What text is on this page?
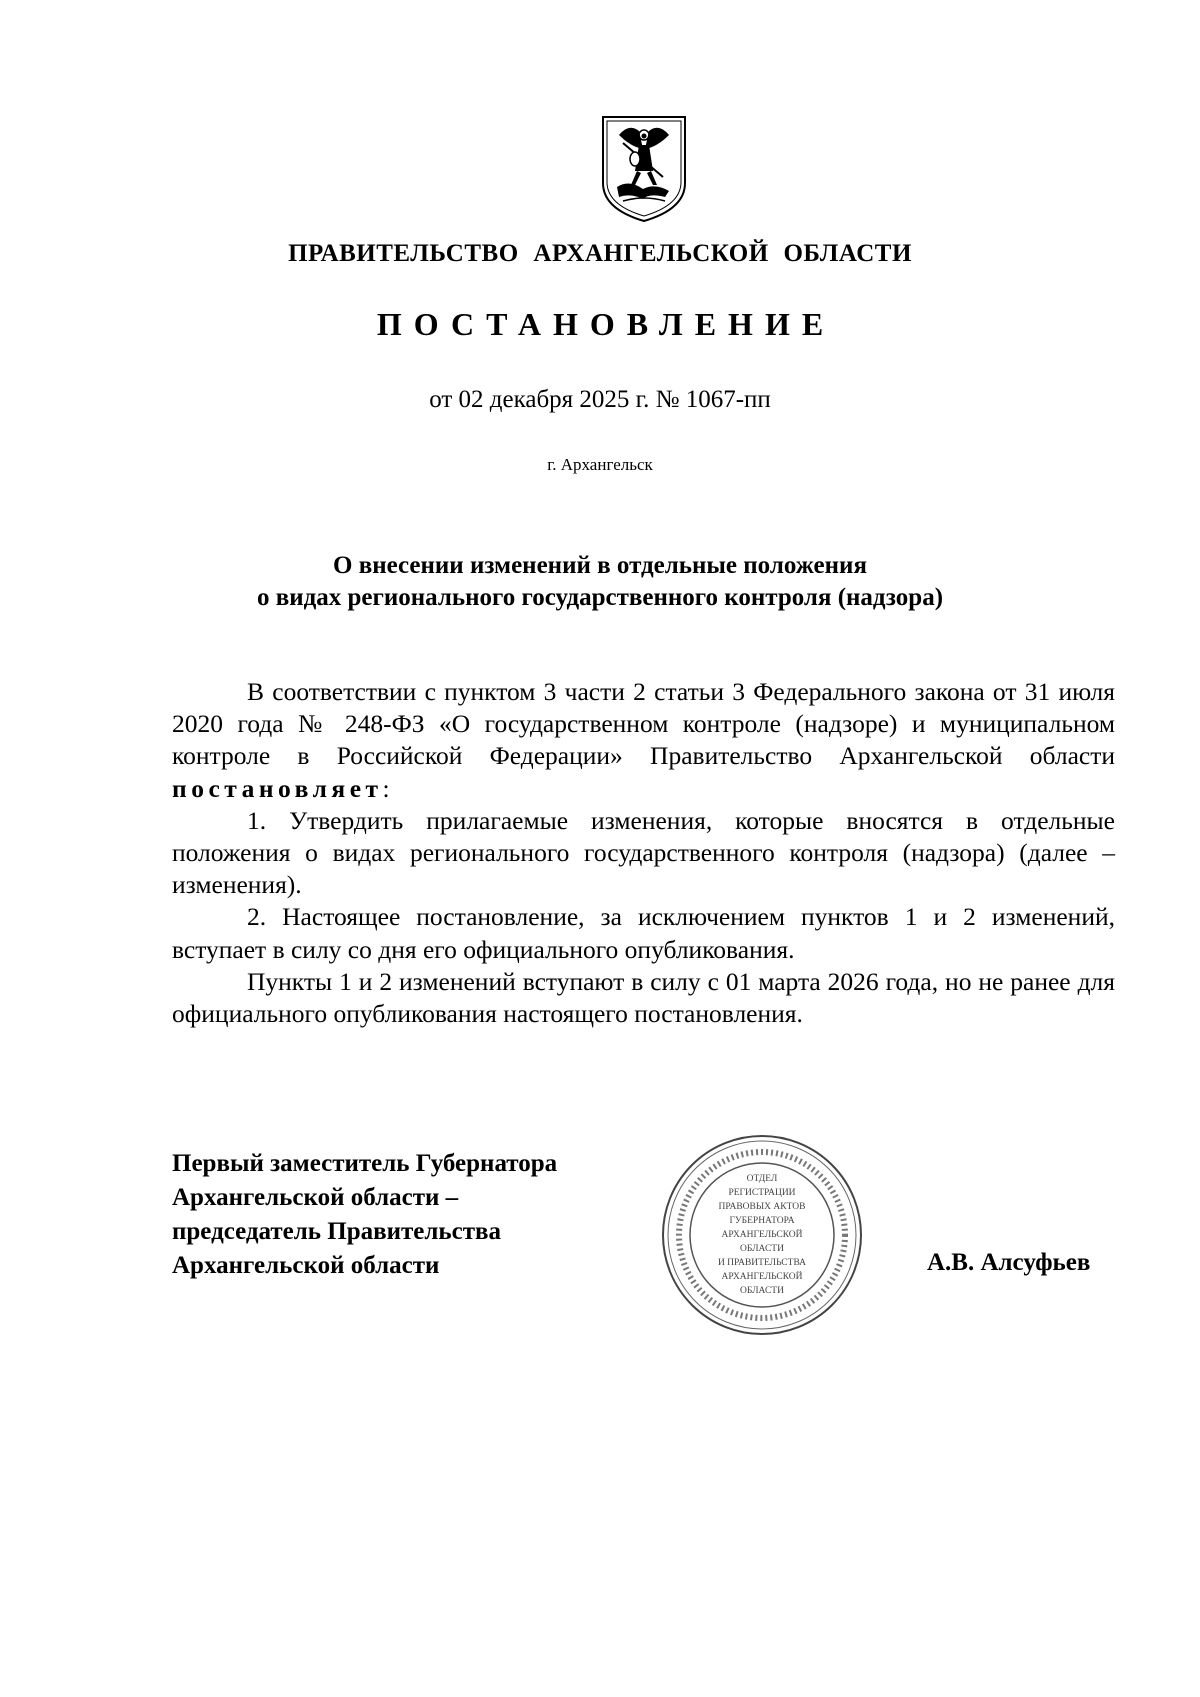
ПРАВИТЕЛЬСТВО АРХАНГЕЛЬСКОЙ ОБЛАСТИ
ПОСТАНОВЛЕНИЕ
от 02 декабря 2025 г. № 1067-пп
г. Архангельск
О внесении изменений в отдельные положения
о видах регионального государственного контроля (надзора)

В соответствии с пунктом 3 части 2 статьи 3 Федерального закона от 31 июля 2020 года № 248-ФЗ «О государственном контроле (надзоре) и муниципальном контроле в Российской Федерации» Правительство Архангельской области постановляет:

1. Утвердить прилагаемые изменения, которые вносятся в отдельные положения о видах регионального государственного контроля (надзора) (далее – изменения).

2. Настоящее постановление, за исключением пунктов 1 и 2 изменений, вступает в силу со дня его официального опубликования.

Пункты 1 и 2 изменений вступают в силу с 01 марта 2026 года, но не ранее для официального опубликования настоящего постановления.

Первый заместитель Губернатора
Архангельской области –
председатель Правительства
Архангельской области
ОТДЕЛ
РЕГИСТРАЦИИ
ПРАВОВЫХ АКТОВ
ГУБЕРНАТОРА
АРХАНГЕЛЬСКОЙ
ОБЛАСТИ
И ПРАВИТЕЛЬСТВА
АРХАНГЕЛЬСКОЙ
ОБЛАСТИ
А.В. Алсуфьев
